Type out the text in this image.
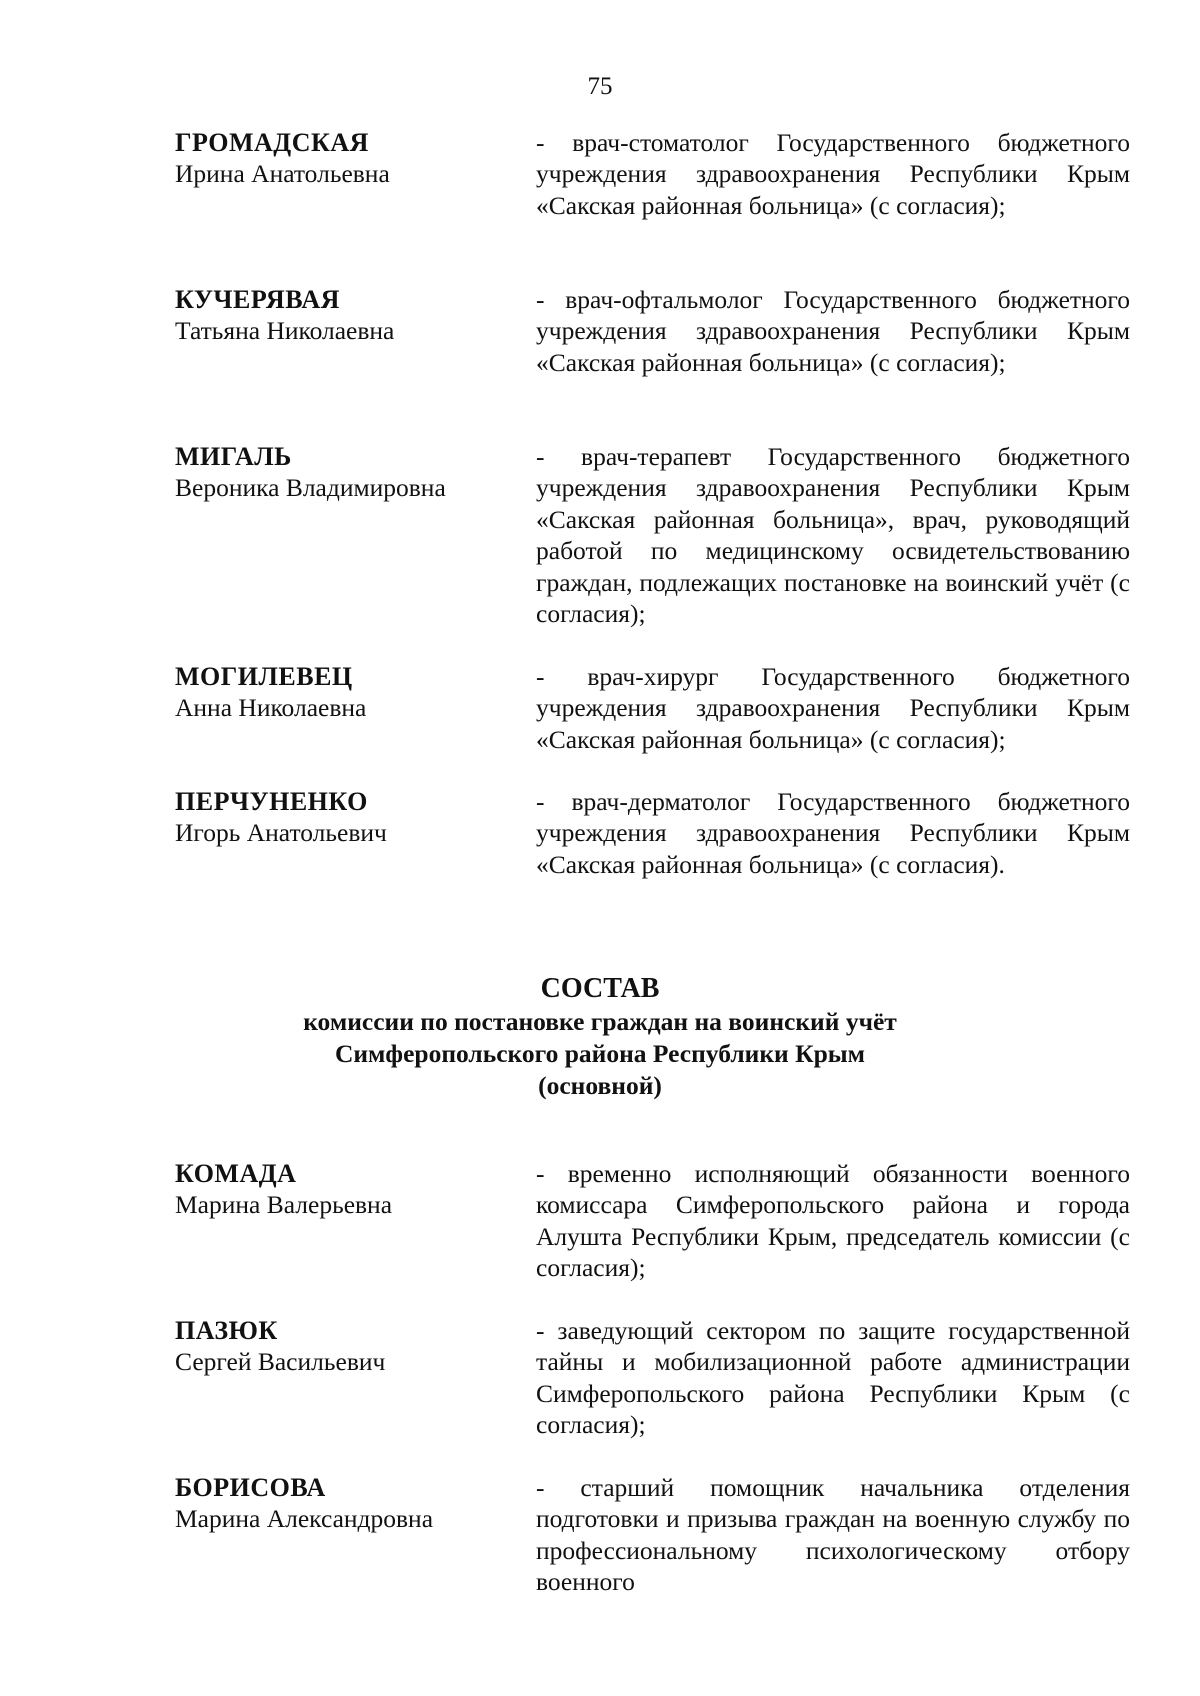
75
ГРОМАДСКАЯ
Ирина Анатольевна
- врач-стоматолог Государственного бюджетного учреждения здравоохранения Республики Крым «Сакская районная больница» (с согласия);
КУЧЕРЯВАЯ
Татьяна Николаевна
- врач-офтальмолог Государственного бюджетного учреждения здравоохранения Республики Крым «Сакская районная больница» (с согласия);
МИГАЛЬ
Вероника Владимировна
- врач-терапевт Государственного бюджетного учреждения здравоохранения Республики Крым «Сакская районная больница», врач, руководящий работой по медицинскому освидетельствованию граждан, подлежащих постановке на воинский учёт (с согласия);
МОГИЛЕВЕЦ
Анна Николаевна
- врач-хирург Государственного бюджетного учреждения здравоохранения Республики Крым «Сакская районная больница» (с согласия);
ПЕРЧУНЕНКО
Игорь Анатольевич
- врач-дерматолог Государственного бюджетного учреждения здравоохранения Республики Крым «Сакская районная больница» (с согласия).
СОСТАВ
комиссии по постановке граждан на воинский учёт
Симферопольского района Республики Крым
(основной)
КОМАДА
Марина Валерьевна
- временно исполняющий обязанности военного комиссара Симферопольского района и города Алушта Республики Крым, председатель комиссии (с согласия);
ПАЗЮК
Сергей Васильевич
- заведующий сектором по защите государственной тайны и мобилизационной работе администрации Симферопольского района Республики Крым (с согласия);
БОРИСОВА
Марина Александровна
- старший помощник начальника отделения подготовки и призыва граждан на военную службу по профессиональному психологическому отбору военного
